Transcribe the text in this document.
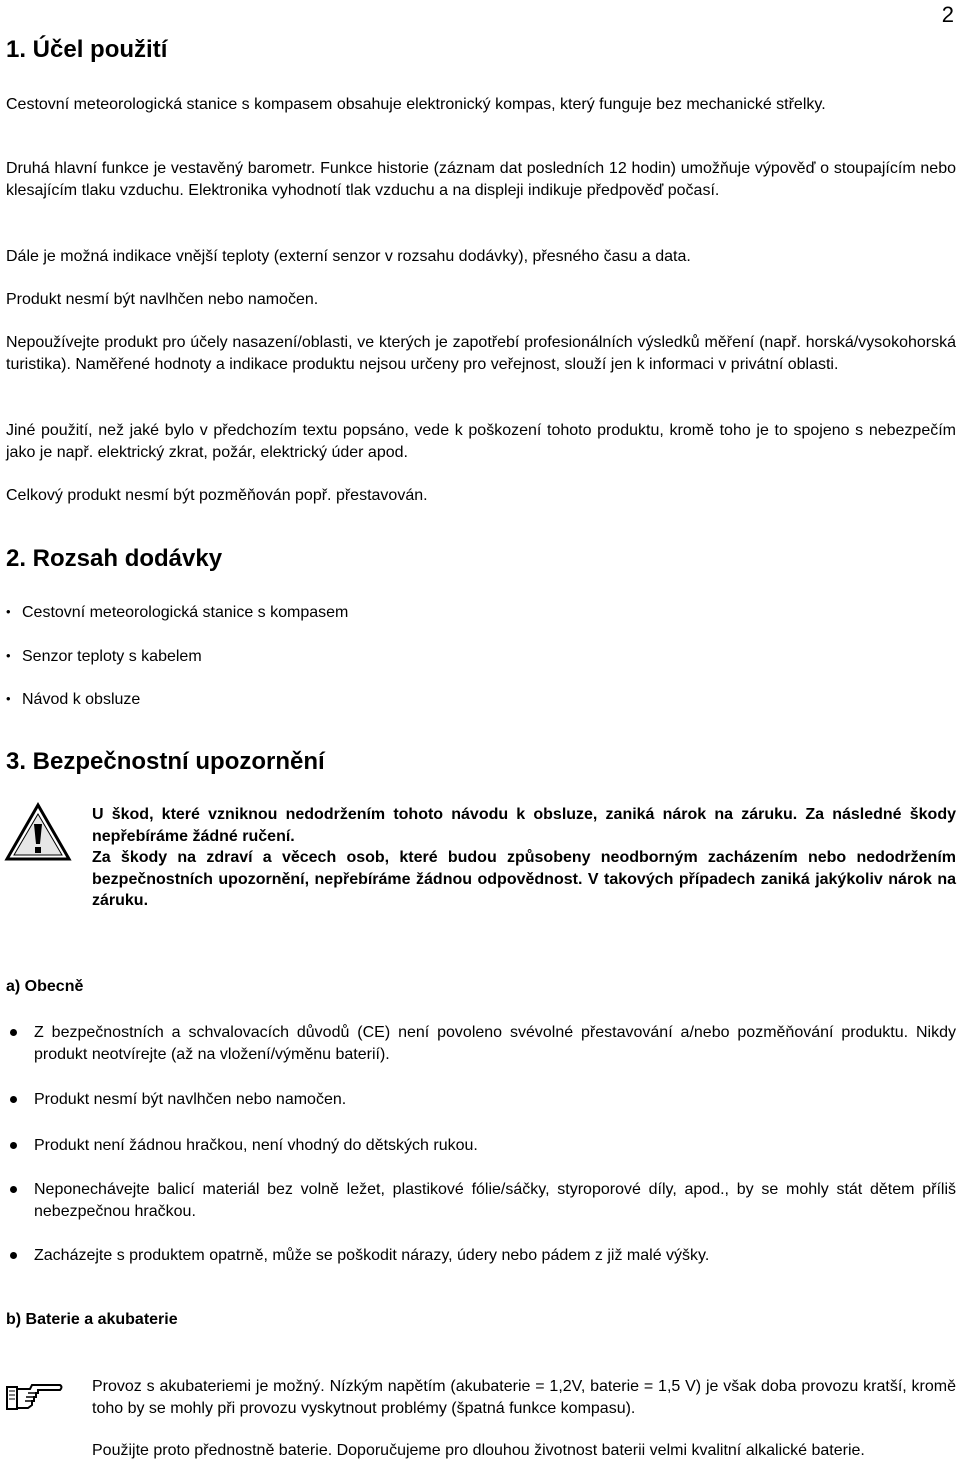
2
1. Účel použití

Cestovní meteorologická stanice s kompasem obsahuje elektronický kompas, který funguje bez mechanické střelky.

Druhá hlavní funkce je vestavěný barometr. Funkce historie (záznam dat posledních 12 hodin) umožňuje výpověď o stoupajícím nebo klesajícím tlaku vzduchu. Elektronika vyhodnotí tlak vzduchu a na displeji indikuje předpověď počasí.

Dále je možná indikace vnější teploty (externí senzor v rozsahu dodávky), přesného času a data.

Produkt nesmí být navlhčen nebo namočen.

Nepoužívejte produkt pro účely nasazení/oblasti, ve kterých je zapotřebí profesionálních výsledků měření (např. horská/vysokohorská turistika). Naměřené hodnoty a indikace produktu nejsou určeny pro veřejnost, slouží jen k informaci v privátní oblasti.

Jiné použití, než jaké bylo v předchozím textu popsáno, vede k poškození tohoto produktu, kromě toho je to spojeno s nebezpečím jako je např. elektrický zkrat, požár, elektrický úder apod.

Celkový produkt nesmí být pozměňován popř. přestavován.

2. Rozsah dodávky
• Cestovní meteorologická stanice s kompasem
• Senzor teploty s kabelem
• Návod k obsluze
3. Bezpečnostní upozornění

U škod, které vzniknou nedodržením tohoto návodu k obsluze, zaniká nárok na záruku. Za následné škody nepřebíráme žádné ručení.

Za škody na zdraví a věcech osob, které budou způsobeny neodborným zacházením nebo nedodržením bezpečnostních upozornění, nepřebíráme žádnou odpovědnost. V takových případech zaniká jakýkoliv nárok na záruku.

a) Obecně

Z bezpečnostních a schvalovacích důvodů (CE) není povoleno svévolné přestavování a/nebo pozměňování produktu. Nikdy produkt neotvírejte (až na vložení/výměnu baterií).

Produkt nesmí být navlhčen nebo namočen.

Produkt není žádnou hračkou, není vhodný do dětských rukou.

Neponechávejte balicí materiál bez volně ležet, plastikové fólie/sáčky, styroporové díly, apod., by se mohly stát dětem příliš nebezpečnou hračkou.

Zacházejte s produktem opatrně, může se poškodit nárazy, údery nebo pádem z již malé výšky.

b) Baterie a akubaterie

Provoz s akubateriemi je možný. Nízkým napětím (akubaterie = 1,2V, baterie = 1,5 V) je však doba provozu kratší, kromě toho by se mohly při provozu vyskytnout problémy (špatná funkce kompasu).

Použijte proto přednostně baterie. Doporučujeme pro dlouhou životnost baterii velmi kvalitní alkalické baterie.
